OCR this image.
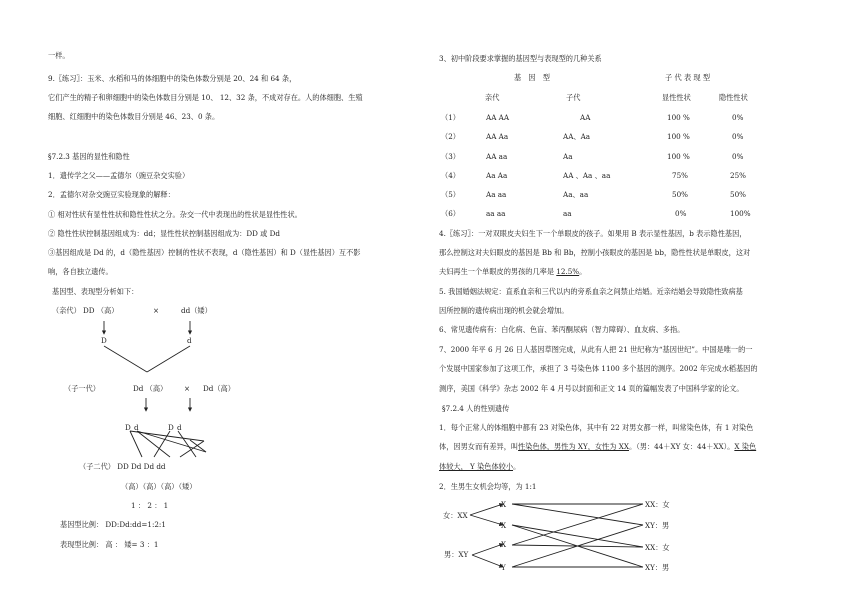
一样。
9.〖练习〗：玉米、水稻和马的体细胞中的染色体数分别是 20、24 和 64 条，
它们产生的精子和卵细胞中的染色体数目分别是 10、 12、32 条，不成对存在。人的体细胞、生殖
细胞、红细胞中的染色体数目分别是 46、23、0 条。
§7.2.3 基因的显性和隐性
1．遗传学之父——孟德尔（豌豆杂交实验）
2．孟德尔对杂交豌豆实验现象的解释：
① 相对性状有显性性状和隐性性状之分。杂交一代中表现出的性状是显性性状。
② 隐性性状控制基因组成为：dd；显性性状控制基因组成为：DD 或 Dd
③基因组成是 Dd 的，d（隐性基因）控制的性状不表现，d（隐性基因）和 D（显性基因）互不影
响，各自独立遗传。
基因型、表现型分析如下：
（亲代） DD （高）	×	dd（矮）
D	d
（子一代）	Dd （高） × Dd（高）
D d	D d
（子二代） DD Dd Dd dd
（高）（高）（高）（矮）
1 ： 2 ： 1
基因型比例： DD:Dd:dd=1:2:1
表现型比例： 高 ： 矮= 3 ：1
3、初中阶段要求掌握的基因型与表现型的几种关系
基　因　型	子 代 表 现 型
亲代	子代	显性性状	隐性性状
（1）	AA AA	AA	100 %	0%
（2）	AA Aa	AA、Aa	100 %	0%
（3）	AA aa	Aa	100 %	0%
（4）	Aa Aa	AA 、Aa 、aa	75%	25%
（5）	Aa aa	Aa、aa	50%	50%
（6）	aa aa	aa	0%	100%
4.〖练习〗：一对双眼皮夫妇生下一个单眼皮的孩子。如果用 B 表示显性基因，b 表示隐性基因，
那么控制这对夫妇眼皮的基因是 Bb 和 Bb，控制小孩眼皮的基因是 bb，隐性性状是单眼皮，这对
夫妇再生一个单眼皮的男孩的几率是 12.5%。
5. 我国婚姻法规定：直系血亲和三代以内的旁系血亲之间禁止结婚。近亲结婚会导致隐性致病基
因所控制的遗传病出现的机会就会增加。
6、常见遗传病有：白化病、色盲、苯丙酮尿病（智力障碍）、血友病、多指。
7、2000 年平 6 月 26 日人基因草图完成，从此有人把 21 世纪称为“基因世纪”。中国是唯一的一
个发展中国家参加了这项工作，承担了 3 号染色体 1100 多个基因的测序。2002 年完成水稻基因的
测序，美国《科学》杂志 2002 年 4 月号以封面和正文 14 页的篇幅发表了中国科学家的论文。
§7.2.4 人的性别遗传
1．每个正常人的体细胞中都有 23 对染色体，其中有 22 对男女都一样，叫常染色体，有 1 对染色
体，因男女而有差异，叫性染色体，男性为 XY，女性为 XX。（男：44＋XY 女：44＋XX）。X 染色
体较大， Y 染色体较小。
2．生男生女机会均等，为 1:1
女：XX
男：XY
X
X
X
Y
XX：女
XY：男
XX：女
XY：男
